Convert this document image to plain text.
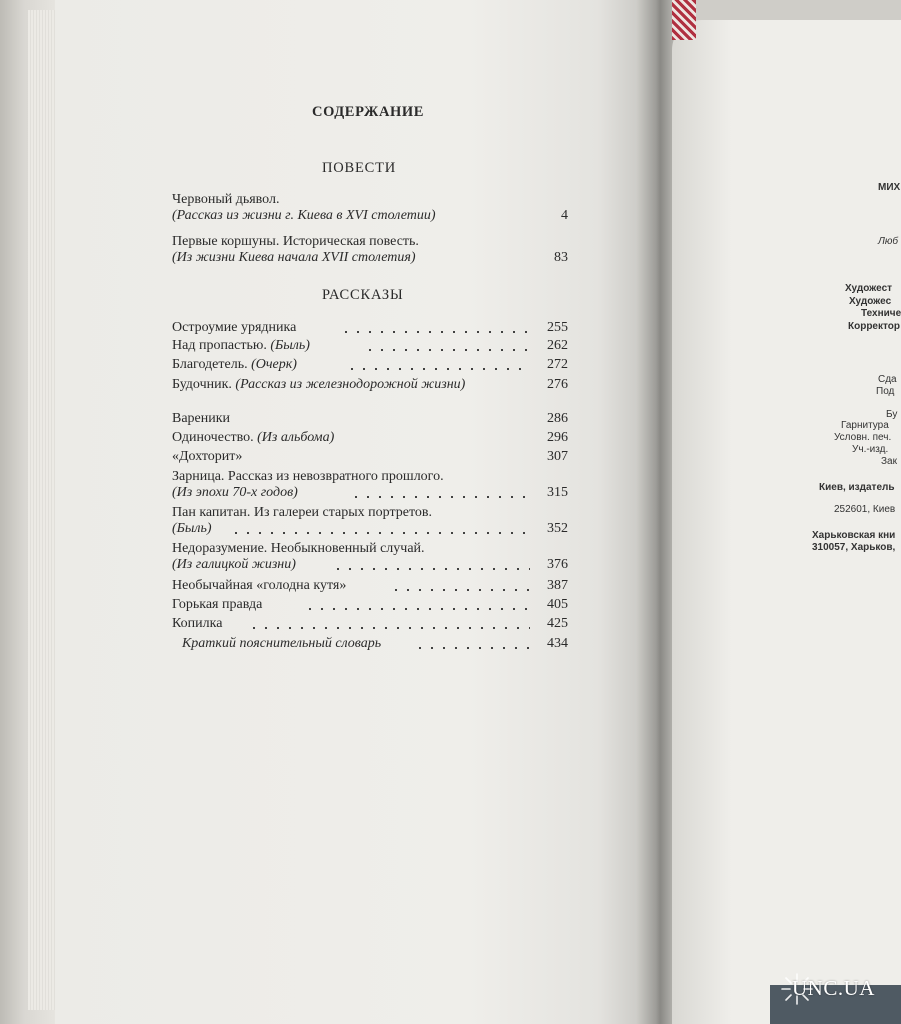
СОДЕРЖАНИЕ
ПОВЕСТИ
Червоный дьявол.
(Рассказ из жизни г. Киева в XVI столетии)	4
Первые коршуны. Историческая повесть.
(Из жизни Киева начала XVII столетия)	83
РАССКАЗЫ
Остроумие урядника	255
Над пропастью. (Быль)	262
Благодетель. (Очерк)	272
Будочник. (Рассказ из железнодорожной жизни)	276
Вареники	286
Одиночество. (Из альбома)	296
«Дохторит»	307
Зарница. Рассказ из невозвратного прошлого.
(Из эпохи 70-х годов)	315
Пан капитан. Из галереи старых портретов.
(Быль)	352
Недоразумение. Необыкновенный случай.
(Из галицкой жизни)	376
Необычайная «голодна кутя»	387
Горькая правда	405
Копилка	425
Краткий пояснительный словарь	434
МИХ
Люб
Художест
Художес
Техниче
Корректор
Сда
Под
Бу
Гарнитура
Условн. печ.
Уч.-изд.
Зак
Киев, издатель
252601, Киев
Харьковская кни
310057, Харьков,
UNC.UA
